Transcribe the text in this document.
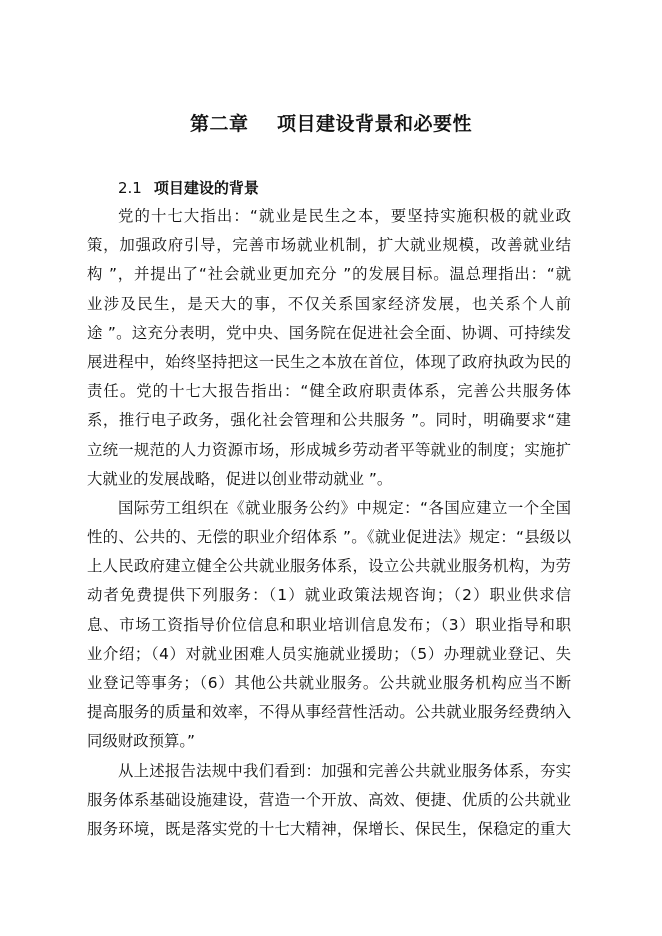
第二章    项目建设背景和必要性
2.1 项目建设的背景
党的十七大指出：“就业是民生之本，要坚持实施积极的就业政
策，加强政府引导，完善市场就业机制，扩大就业规模，改善就业结
构 ”，并提出了“社会就业更加充分 ”的发展目标。温总理指出：“就
业涉及民生，是天大的事，不仅关系国家经济发展，也关系个人前
途 ”。这充分表明，党中央、国务院在促进社会全面、协调、可持续发
展进程中，始终坚持把这一民生之本放在首位，体现了政府执政为民的
责任。党的十七大报告指出：“健全政府职责体系，完善公共服务体
系，推行电子政务，强化社会管理和公共服务 ”。同时，明确要求“建
立统一规范的人力资源市场，形成城乡劳动者平等就业的制度；实施扩
大就业的发展战略，促进以创业带动就业 ”。
国际劳工组织在《就业服务公约》中规定：“各国应建立一个全国
性的、公共的、无偿的职业介绍体系 ”。《就业促进法》规定：“县级以
上人民政府建立健全公共就业服务体系，设立公共就业服务机构，为劳
动者免费提供下列服务：（1）就业政策法规咨询；（2）职业供求信
息、市场工资指导价位信息和职业培训信息发布；（3）职业指导和职
业介绍；（4）对就业困难人员实施就业援助；（5）办理就业登记、失
业登记等事务；（6）其他公共就业服务。公共就业服务机构应当不断
提高服务的质量和效率，不得从事经营性活动。公共就业服务经费纳入
同级财政预算。”
从上述报告法规中我们看到：加强和完善公共就业服务体系，夯实
服务体系基础设施建设，营造一个开放、高效、便捷、优质的公共就业
服务环境，既是落实党的十七大精神，保增长、保民生，保稳定的重大
